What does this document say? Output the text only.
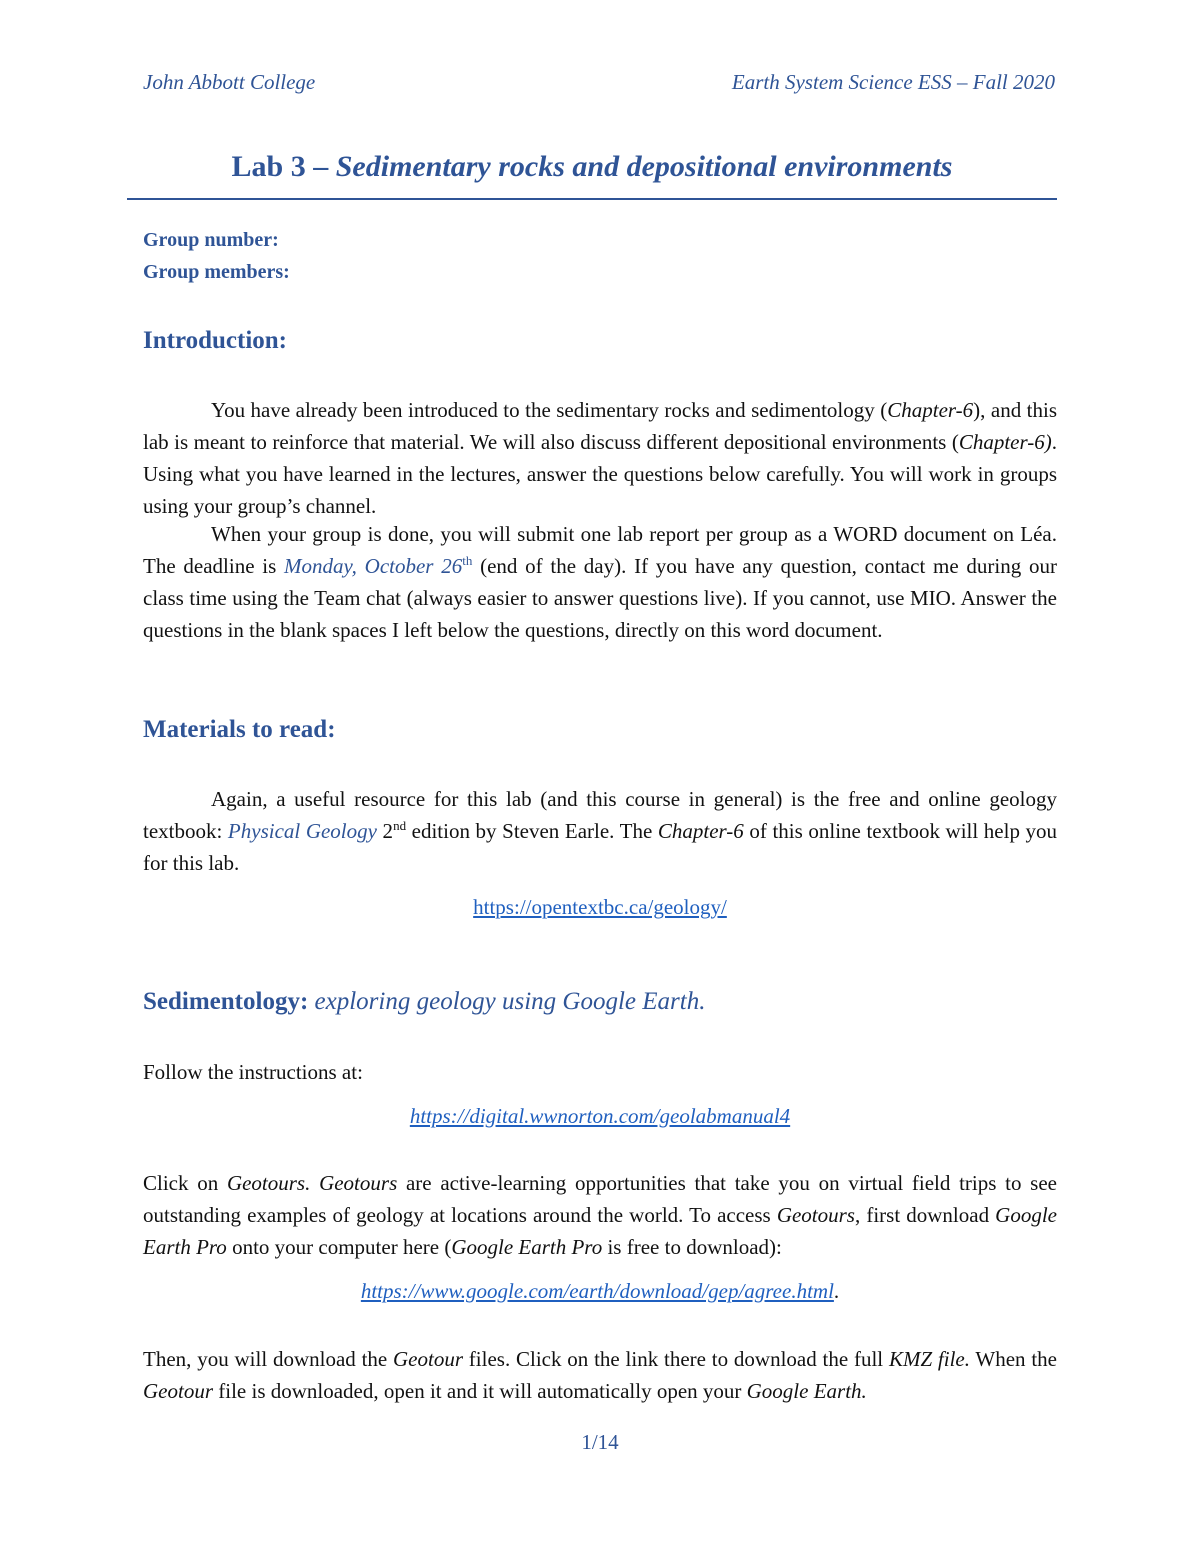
John Abbott College	Earth System Science ESS – Fall 2020
Lab 3 – Sedimentary rocks and depositional environments
Group number:
Group members:
Introduction:
You have already been introduced to the sedimentary rocks and sedimentology (Chapter-6), and this lab is meant to reinforce that material. We will also discuss different depositional environments (Chapter-6). Using what you have learned in the lectures, answer the questions below carefully. You will work in groups using your group’s channel.
When your group is done, you will submit one lab report per group as a WORD document on Léa. The deadline is Monday, October 26th (end of the day). If you have any question, contact me during our class time using the Team chat (always easier to answer questions live). If you cannot, use MIO. Answer the questions in the blank spaces I left below the questions, directly on this word document.
Materials to read:
Again, a useful resource for this lab (and this course in general) is the free and online geology textbook: Physical Geology 2nd edition by Steven Earle. The Chapter-6 of this online textbook will help you for this lab.
https://opentextbc.ca/geology/
Sedimentology: exploring geology using Google Earth.
Follow the instructions at:
https://digital.wwnorton.com/geolabmanual4
Click on Geotours. Geotours are active-learning opportunities that take you on virtual field trips to see outstanding examples of geology at locations around the world. To access Geotours, first download Google Earth Pro onto your computer here (Google Earth Pro is free to download):
https://www.google.com/earth/download/gep/agree.html.
Then, you will download the Geotour files. Click on the link there to download the full KMZ file. When the Geotour file is downloaded, open it and it will automatically open your Google Earth.
1/14
